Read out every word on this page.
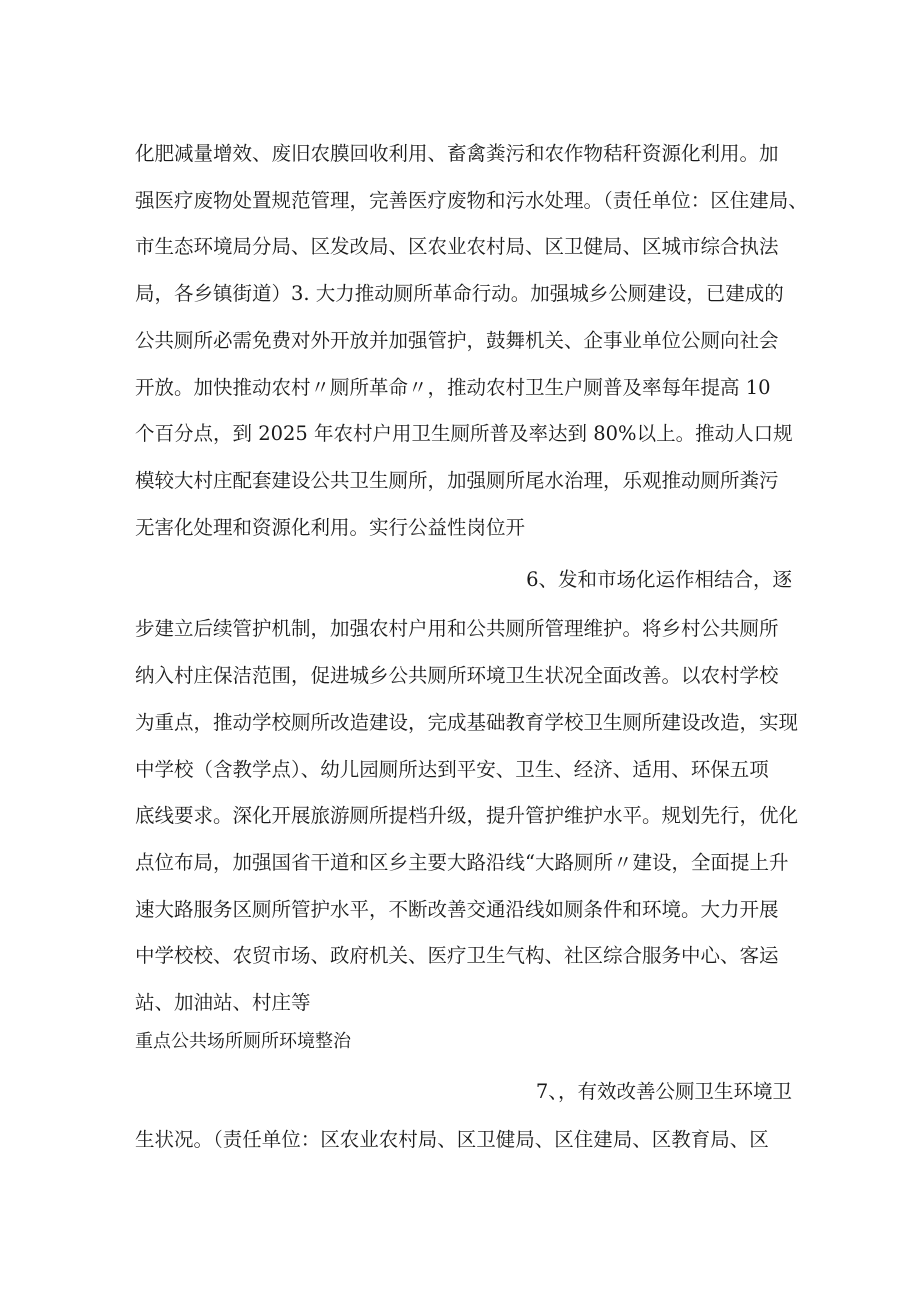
化肥减量增效、废旧农膜回收利用、畜禽粪污和农作物秸秆资源化利用。加
强医疗废物处置规范管理，完善医疗废物和污水处理。（责任单位：区住建局、
市生态环境局分局、区发改局、区农业农村局、区卫健局、区城市综合执法
局，各乡镇街道）3. 大力推动厕所革命行动。加强城乡公厕建设，已建成的
公共厕所必需免费对外开放并加强管护，鼓舞机关、企事业单位公厕向社会
开放。加快推动农村〃厕所革命〃，推动农村卫生户厕普及率每年提高 10
个百分点，到 2025 年农村户用卫生厕所普及率达到 80%以上。推动人口规
模较大村庄配套建设公共卫生厕所，加强厕所尾水治理，乐观推动厕所粪污
无害化处理和资源化利用。实行公益性岗位开
6、发和市场化运作相结合，逐
步建立后续管护机制，加强农村户用和公共厕所管理维护。将乡村公共厕所
纳入村庄保洁范围，促进城乡公共厕所环境卫生状况全面改善。以农村学校
为重点，推动学校厕所改造建设，完成基础教育学校卫生厕所建设改造，实现
中学校（含教学点）、幼儿园厕所达到平安、卫生、经济、适用、环保五项
底线要求。深化开展旅游厕所提档升级，提升管护维护水平。规划先行，优化
点位布局，加强国省干道和区乡主要大路沿线“大路厕所〃建设，全面提上升
速大路服务区厕所管护水平，不断改善交通沿线如厕条件和环境。大力开展
中学校校、农贸市场、政府机关、医疗卫生气构、社区综合服务中心、客运
站、加油站、村庄等
重点公共场所厕所环境整治
7、，有效改善公厕卫生环境卫
生状况。（责任单位：区农业农村局、区卫健局、区住建局、区教育局、区
